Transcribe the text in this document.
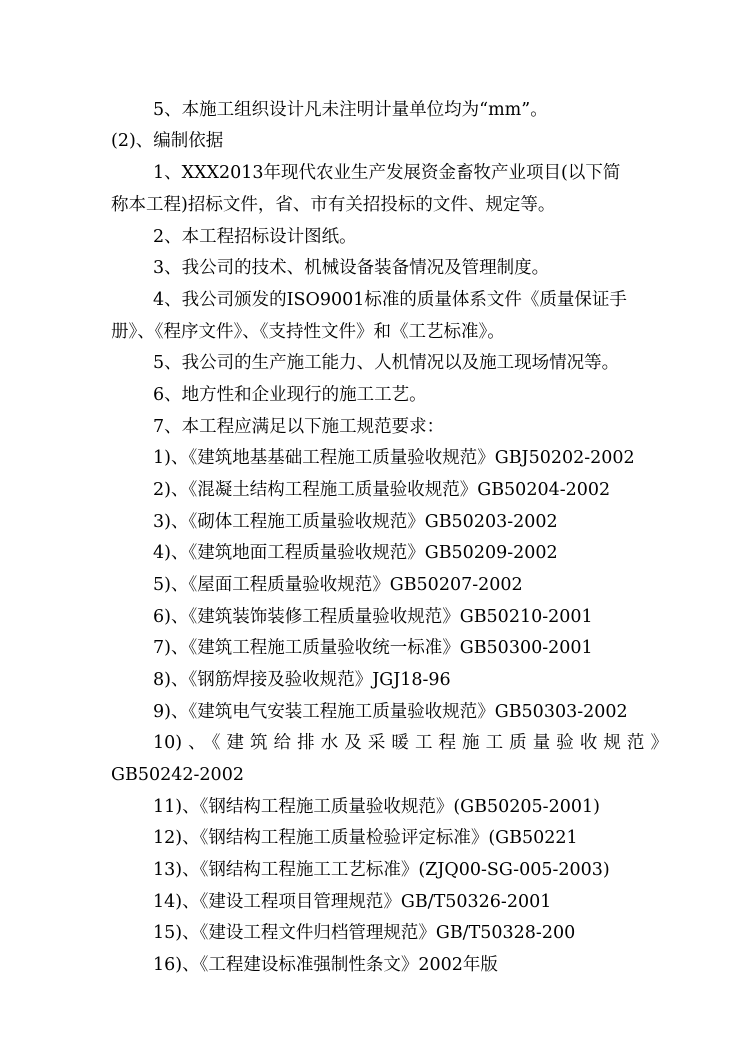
5、本施工组织设计凡未注明计量单位均为“mm”。
(2)、编制依据
1、XXX2013年现代农业生产发展资金畜牧产业项目(以下简
称本工程)招标文件，省、市有关招投标的文件、规定等。
2、本工程招标设计图纸。
3、我公司的技术、机械设备装备情况及管理制度。
4、我公司颁发的ISO9001标准的质量体系文件《质量保证手
册》、《程序文件》、《支持性文件》和《工艺标准》。
5、我公司的生产施工能力、人机情况以及施工现场情况等。
6、地方性和企业现行的施工工艺。
7、本工程应满足以下施工规范要求：
1)、《建筑地基基础工程施工质量验收规范》GBJ50202-2002
2)、《混凝土结构工程施工质量验收规范》GB50204-2002
3)、《砌体工程施工质量验收规范》GB50203-2002
4)、《建筑地面工程质量验收规范》GB50209-2002
5)、《屋面工程质量验收规范》GB50207-2002
6)、《建筑装饰装修工程质量验收规范》GB50210-2001
7)、《建筑工程施工质量验收统一标准》GB50300-2001
8)、《钢筋焊接及验收规范》JGJ18-96
9)、《建筑电气安装工程施工质量验收规范》GB50303-2002
10)、《建筑给排水及采暖工程施工质量验收规范》
GB50242-2002
11)、《钢结构工程施工质量验收规范》(GB50205-2001)
12)、《钢结构工程施工质量检验评定标准》(GB50221
13)、《钢结构工程施工工艺标准》(ZJQ00-SG-005-2003)
14)、《建设工程项目管理规范》GB/T50326-2001
15)、《建设工程文件归档管理规范》GB/T50328-200
16)、《工程建设标准强制性条文》2002年版
